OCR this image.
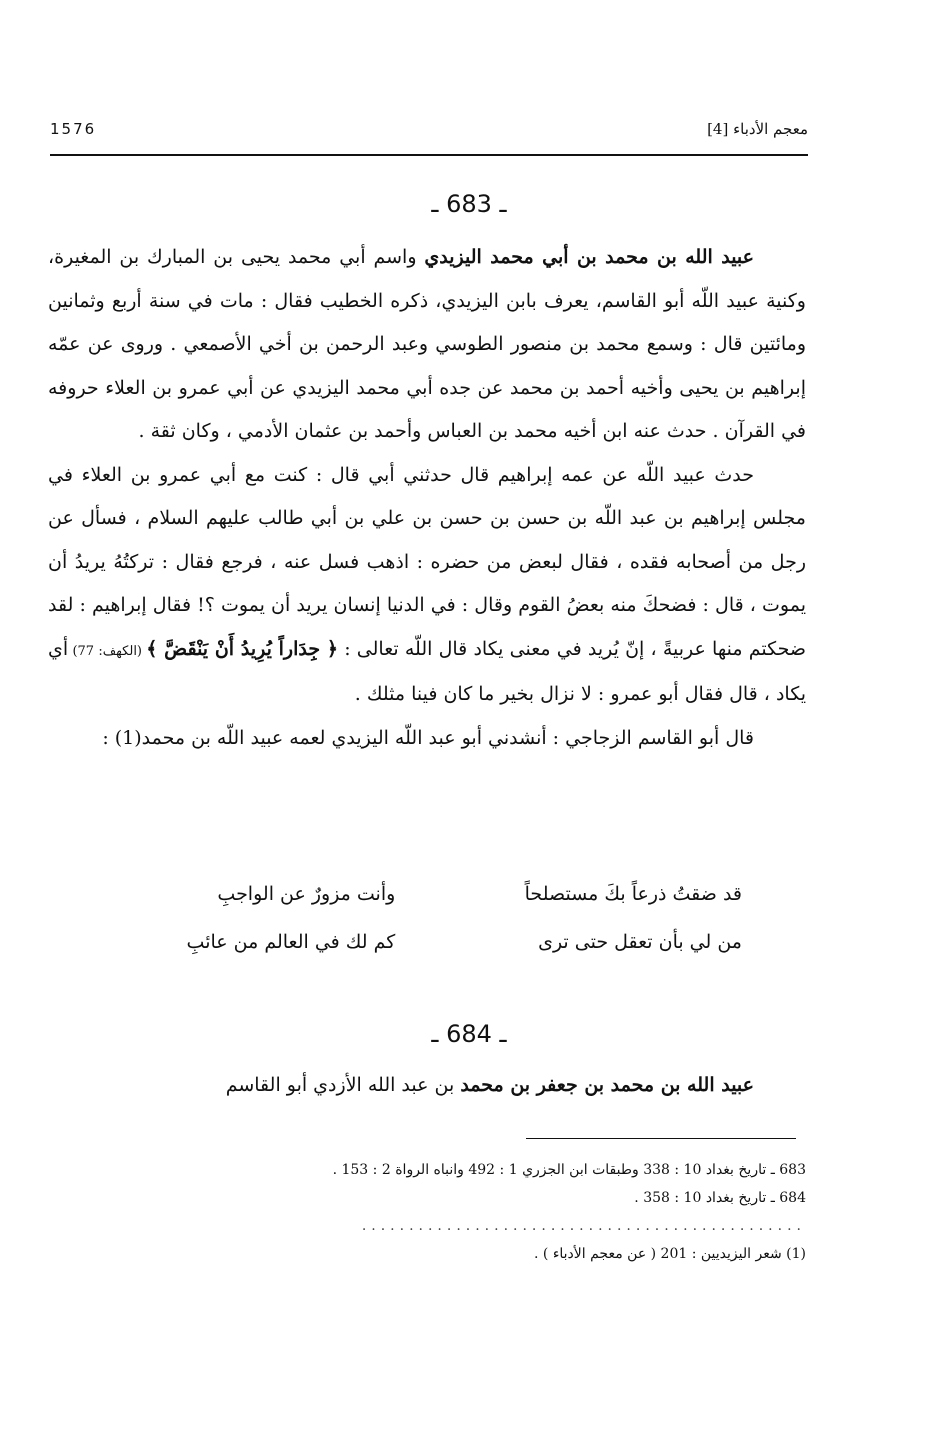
1576	معجم الأدباء [4]
ـ 683 ـ

عبيد الله بن محمد بن أبي محمد اليزيدي واسم أبي محمد يحيى بن المبارك بن المغيرة، وكنية عبيد اللّه أبو القاسم، يعرف بابن اليزيدي، ذكره الخطيب فقال : مات في سنة أربع وثمانين ومائتين قال : وسمع محمد بن منصور الطوسي وعبد الرحمن بن أخي الأصمعي . وروى عن عمّه إبراهيم بن يحيى وأخيه أحمد بن محمد عن جده أبي محمد اليزيدي عن أبي عمرو بن العلاء حروفه في القرآن . حدث عنه ابن أخيه محمد بن العباس وأحمد بن عثمان الأدمي ، وكان ثقة .

حدث عبيد اللّه عن عمه إبراهيم قال حدثني أبي قال : كنت مع أبي عمرو بن العلاء في مجلس إبراهيم بن عبد اللّه بن حسن بن حسن بن علي بن أبي طالب عليهم السلام ، فسأل عن رجل من أصحابه فقده ، فقال لبعض من حضره : اذهب فسل عنه ، فرجع فقال : تركتُهُ يريدُ أن يموت ، قال : فضحكَ منه بعضُ القوم وقال : في الدنيا إنسان يريد أن يموت ؟! فقال إبراهيم : لقد ضحكتم منها عربيةً ، إنّ يُريد في معنى يكاد قال اللّه تعالى : ﴿ جِدَاراً يُرِيدُ أَنْ يَنْقَضَّ ﴾ (الكهف: 77) أي يكاد ، قال فقال أبو عمرو : لا نزال بخير ما كان فينا مثلك .

قال أبو القاسم الزجاجي : أنشدني أبو عبد اللّه اليزيدي لعمه عبيد اللّه بن محمد(1) :

قد ضقتُ ذرعاً بكَ مستصلحاً
وأنت مزورٌ عن الواجبِ
من لي بأن تعقل حتى ترى
كم لك في العالم من عائبِ
ـ 684 ـ

عبيد الله بن محمد بن جعفر بن محمد بن عبد الله الأزدي أبو القاسم

683 ـ تاريخ بغداد 10 : 338 وطبقات ابن الجزري 1 : 492 وانباه الرواة 2 : 153 .
684 ـ تاريخ بغداد 10 : 358 .
...............................................
(1) شعر اليزيديين : 201 ( عن معجم الأدباء ) .
